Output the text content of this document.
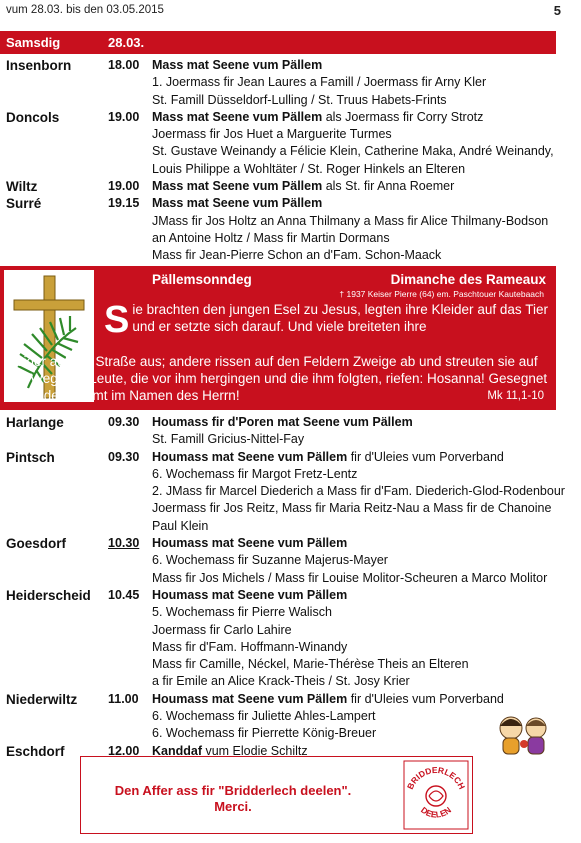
vum 28.03. bis den 03.05.2015	5
Samsdig	28.03.
Insenborn	18.00 Mass mat Seene vum Pällem
1. Joermass fir Jean Laures a Famill / Joermass fir Arny Kler
St. Famill Düsseldorf-Lulling / St. Truus Habets-Frints
Doncols	19.00 Mass mat Seene vum Pällem als Joermass fir Corry Strotz
Joermass fir Jos Huet a Marguerite Turmes
St. Gustave Weinandy a Félicie Klein, Catherine Maka, André Weinandy,
Louis Philippe a Wohltäter / St. Roger Hinkels an Elteren
Wiltz	19.00 Mass mat Seene vum Pällem als St. fir Anna Roemer
Surré	19.15 Mass mat Seene vum Pällem
JMass fir Jos Holtz an Anna Thilmany a Mass fir Alice Thilmany-Bodson
an Antoine Holtz / Mass fir Martin Dormans
Mass fir Jean-Pierre Schon an d'Fam. Schon-Maack
Pällemsonndeg	Dimanche des Rameaux
† 1937 Keiser Pierre (64) em. Paschtouer Kautebaach
Sie brachten den jungen Esel zu Jesus, legten ihre Kleider auf das Tier und er setzte sich darauf. Und viele breiteten ihre
Kleider auf der Straße aus; andere rissen auf den Feldern Zweige ab und streuten sie auf den Weg. Die Leute, die vor ihm hergingen und die ihm folgten, riefen: Hosanna! Gesegnet sei er, der kommt im Namen des Herrn!	Mk 11,1-10
Harlange	09.30 Houmass fir d'Poren mat Seene vum Pällem
St. Famill Gricius-Nittel-Fay
Pintsch	09.30 Houmass mat Seene vum Pällem fir d'Uleies vum Porverband
6. Wochemass fir Margot Fretz-Lentz
2. JMass fir Marcel Diederich a Mass fir d'Fam. Diederich-Glod-Rodenbour
Joermass fir Jos Reitz, Mass fir Maria Reitz-Nau a Mass fir de Chanoine
Paul Klein
Goesdorf	10.30 Houmass mat Seene vum Pällem
6. Wochemass fir Suzanne Majerus-Mayer
Mass fir Jos Michels / Mass fir Louise Molitor-Scheuren a Marco Molitor
Heiderscheid 10.45 Houmass mat Seene vum Pällem
5. Wochemass fir Pierre Walisch
Joermass fir Carlo Lahire
Mass fir d'Fam. Hoffmann-Winandy
Mass fir Camille, Néckel, Marie-Thérèse Theis an Elteren
a fir Emile an Alice Krack-Theis / St. Josy Krier
Niederwiltz 11.00 Houmass mat Seene vum Pällem fir d'Uleies vum Porverband
6. Wochemass fir Juliette Ahles-Lampert
6. Wochemass fir Pierrette König-Breuer
Eschdorf	12.00 Kanddaf vum Elodie Schiltz
Den Affer ass fir "Bridderlech deelen".
Merci.
BRIDDERLECH
DEELEN
